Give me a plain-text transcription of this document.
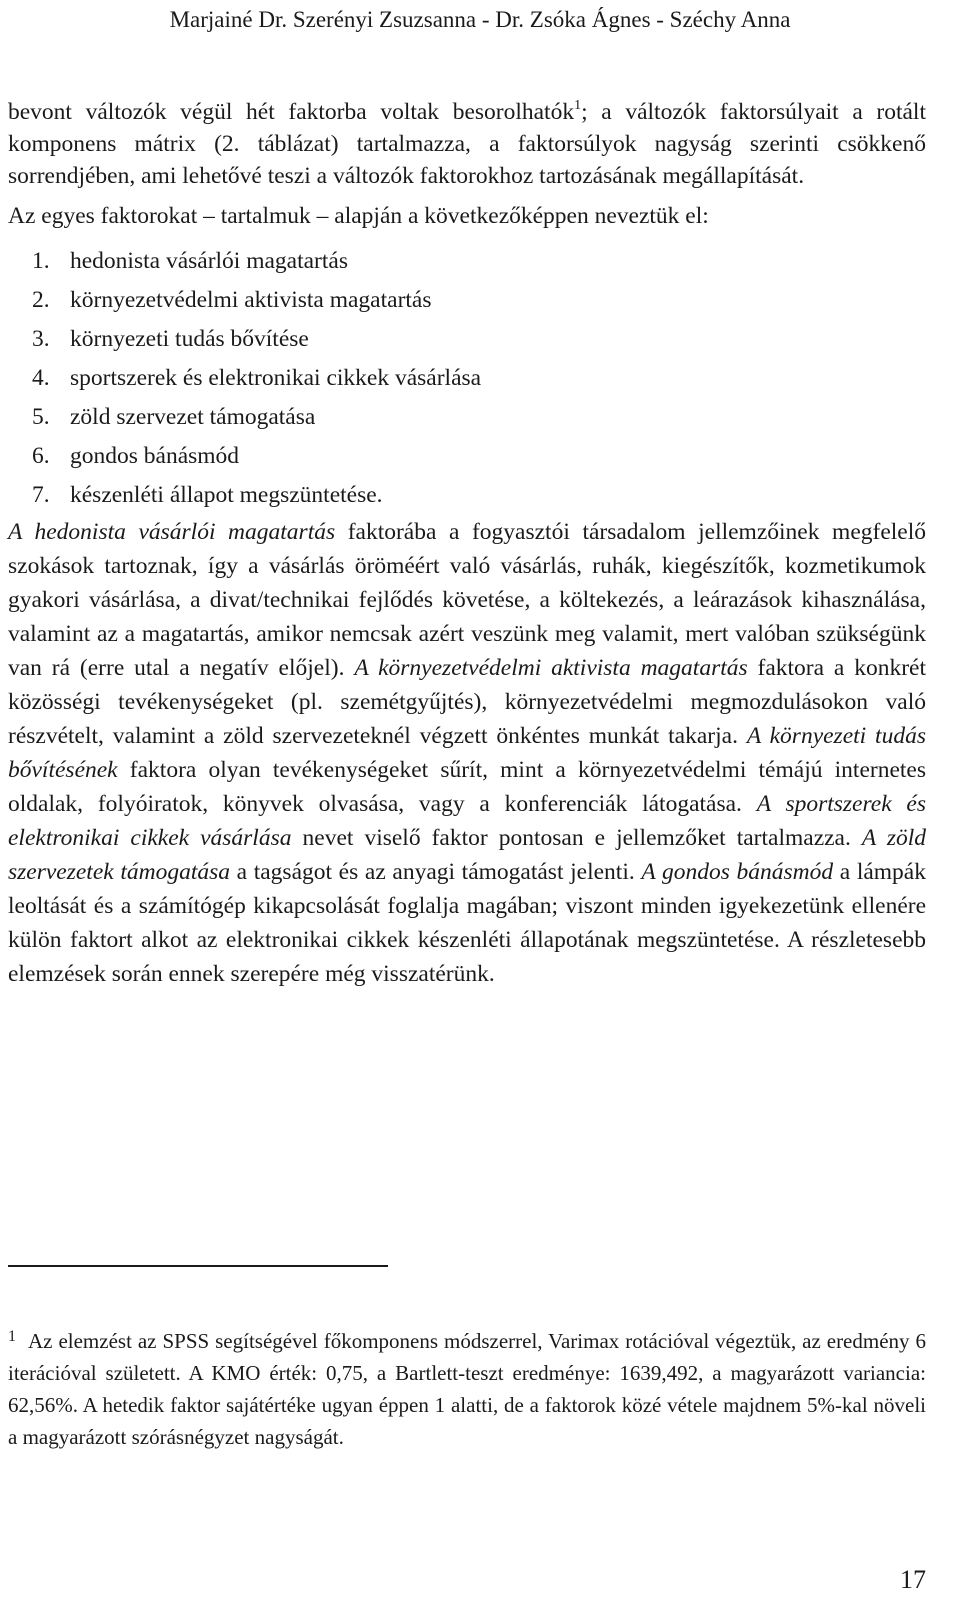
Marjainé Dr. Szerényi Zsuzsanna - Dr. Zsóka Ágnes - Széchy Anna

bevont változók végül hét faktorba voltak besorolhatók$^1$; a változók faktorsúlyait a rotált komponens mátrix (2. táblázat) tartalmazza, a faktorsúlyok nagyság szerinti csökkenő sorrendjében, ami lehetővé teszi a változók faktorokhoz tartozásának megállapítását.

Az egyes faktorokat – tartalmuk – alapján a következőképpen neveztük el:

1. hedonista vásárlói magatartás
2. környezetvédelmi aktivista magatartás
3. környezeti tudás bővítése
4. sportszerek és elektronikai cikkek vásárlása
5. zöld szervezet támogatása
6. gondos bánásmód
7. készenléti állapot megszüntetése.

A hedonista vásárlói magatartás faktorába a fogyasztói társadalom jellemzőinek megfelelő szokások tartoznak, így a vásárlás öröméért való vásárlás, ruhák, kiegészítők, kozmetikumok gyakori vásárlása, a divat/technikai fejlődés követése, a költekezés, a leárazások kihasználása, valamint az a magatartás, amikor nemcsak azért veszünk meg valamit, mert valóban szükségünk van rá (erre utal a negatív előjel). A környezetvédelmi aktivista magatartás faktora a konkrét közösségi tevékenységeket (pl. szemétgyűjtés), környezetvédelmi megmozdulásokon való részvételt, valamint a zöld szervezeteknél végzett önkéntes munkát takarja. A környezeti tudás bővítésének faktora olyan tevékenységeket sűrít, mint a környezetvédelmi témájú internetes oldalak, folyóiratok, könyvek olvasása, vagy a konferenciák látogatása. A sportszerek és elektronikai cikkek vásárlása nevet viselő faktor pontosan e jellemzőket tartalmazza. A zöld szervezetek támogatása a tagságot és az anyagi támogatást jelenti. A gondos bánásmód a lámpák leoltását és a számítógép kikapcsolását foglalja magában; viszont minden igyekezetünk ellenére külön faktort alkot az elektronikai cikkek készenléti állapotának megszüntetése. A részletesebb elemzések során ennek szerepére még visszatérünk.

$^1$ Az elemzést az SPSS segítségével főkomponens módszerrel, Varimax rotációval végeztük, az eredmény 6 iterációval született. A KMO érték: 0,75, a Bartlett-teszt eredménye: 1639,492, a magyarázott variancia: 62,56%. A hetedik faktor sajátértéke ugyan éppen 1 alatti, de a faktorok közé vétele majdnem 5%-kal növeli a magyarázott szórásnégyzet nagyságát.

17
